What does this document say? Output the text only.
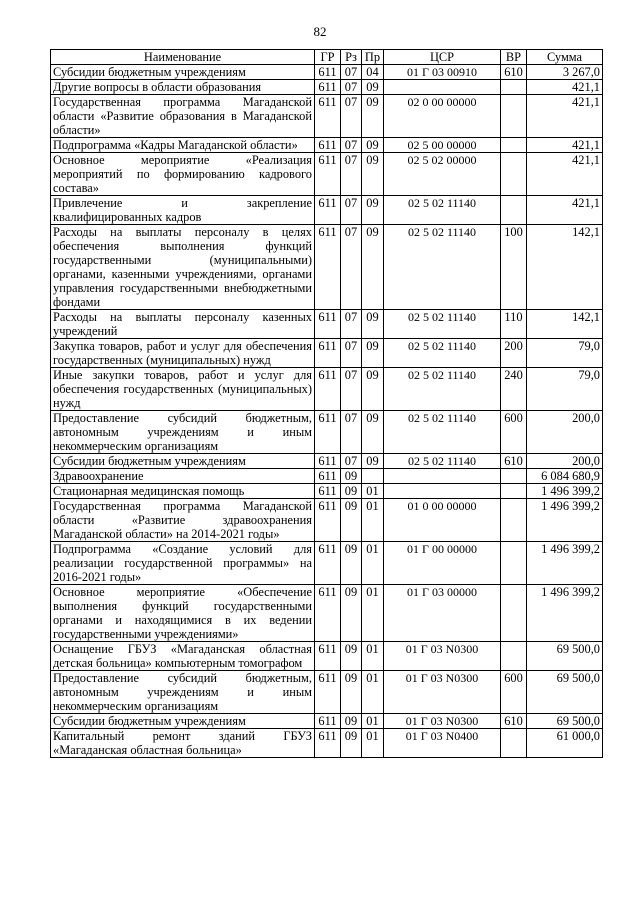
82
Наименование	ГР	Рз	Пр	ЦСР	ВР	Сумма
Субсидии бюджетным учреждениям	611	07	04	01 Г 03 00910	610	3 267,0
Другие вопросы в области образования	611	07	09			421,1
Государственная программа Магаданской области «Развитие образования в Магаданской области»	611	07	09	02 0 00 00000		421,1
Подпрограмма «Кадры Магаданской области»	611	07	09	02 5 00 00000		421,1
Основное мероприятие «Реализация мероприятий по формированию кадрового состава»	611	07	09	02 5 02 00000		421,1
Привлечение и закрепление квалифицированных кадров	611	07	09	02 5 02 11140		421,1
Расходы на выплаты персоналу в целях обеспечения выполнения функций государственными (муниципальными) органами, казенными учреждениями, органами управления государственными внебюджетными фондами	611	07	09	02 5 02 11140	100	142,1
Расходы на выплаты персоналу казенных учреждений	611	07	09	02 5 02 11140	110	142,1
Закупка товаров, работ и услуг для обеспечения государственных (муниципальных) нужд	611	07	09	02 5 02 11140	200	79,0
Иные закупки товаров, работ и услуг для обеспечения государственных (муниципальных) нужд	611	07	09	02 5 02 11140	240	79,0
Предоставление субсидий бюджетным, автономным учреждениям и иным некоммерческим организациям	611	07	09	02 5 02 11140	600	200,0
Субсидии бюджетным учреждениям	611	07	09	02 5 02 11140	610	200,0
Здравоохранение	611	09				6 084 680,9
Стационарная медицинская помощь	611	09	01			1 496 399,2
Государственная программа Магаданской области «Развитие здравоохранения Магаданской области» на 2014-2021 годы»	611	09	01	01 0 00 00000		1 496 399,2
Подпрограмма «Создание условий для реализации государственной программы» на 2016-2021 годы»	611	09	01	01 Г 00 00000		1 496 399,2
Основное мероприятие «Обеспечение выполнения функций государственными органами и находящимися в их ведении государственными учреждениями»	611	09	01	01 Г 03 00000		1 496 399,2
Оснащение ГБУЗ «Магаданская областная детская больница» компьютерным томографом	611	09	01	01 Г 03 N0300		69 500,0
Предоставление субсидий бюджетным, автономным учреждениям и иным некоммерческим организациям	611	09	01	01 Г 03 N0300	600	69 500,0
Субсидии бюджетным учреждениям	611	09	01	01 Г 03 N0300	610	69 500,0
Капитальный ремонт зданий ГБУЗ «Магаданская областная больница»	611	09	01	01 Г 03 N0400		61 000,0
